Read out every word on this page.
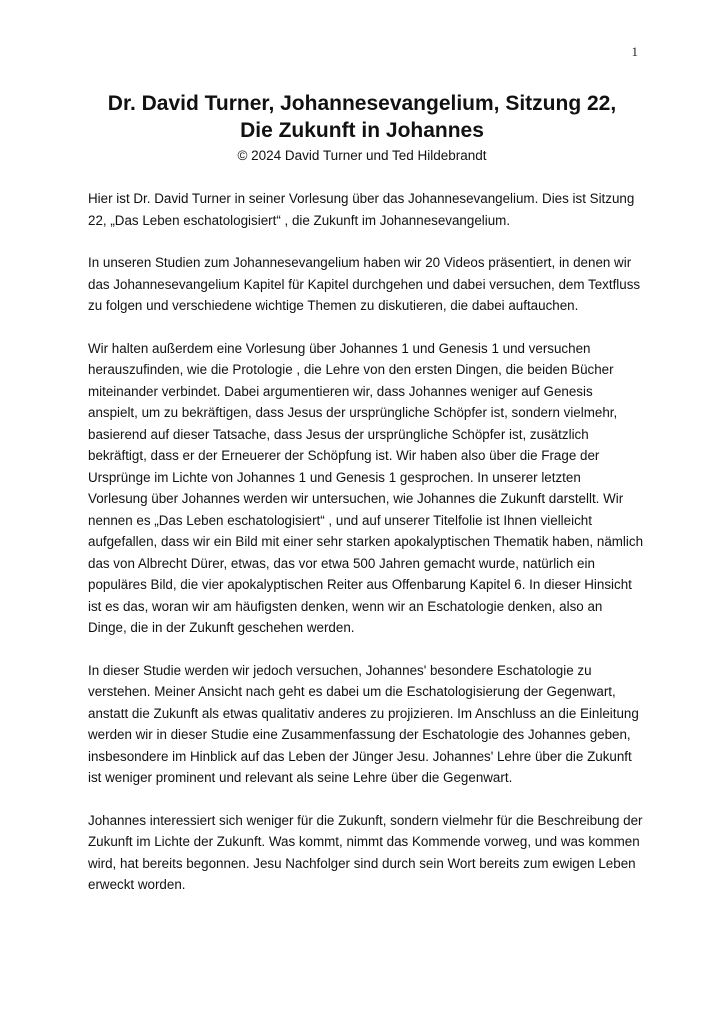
1
Dr. David Turner, Johannesevangelium, Sitzung 22,
Die Zukunft in Johannes

© 2024 David Turner und Ted Hildebrandt

Hier ist Dr. David Turner in seiner Vorlesung über das Johannesevangelium. Dies ist Sitzung 22, „Das Leben eschatologisiert“ , die Zukunft im Johannesevangelium.

In unseren Studien zum Johannesevangelium haben wir 20 Videos präsentiert, in denen wir das Johannesevangelium Kapitel für Kapitel durchgehen und dabei versuchen, dem Textfluss zu folgen und verschiedene wichtige Themen zu diskutieren, die dabei auftauchen.

Wir halten außerdem eine Vorlesung über Johannes 1 und Genesis 1 und versuchen herauszufinden, wie die Protologie , die Lehre von den ersten Dingen, die beiden Bücher miteinander verbindet. Dabei argumentieren wir, dass Johannes weniger auf Genesis anspielt, um zu bekräftigen, dass Jesus der ursprüngliche Schöpfer ist, sondern vielmehr, basierend auf dieser Tatsache, dass Jesus der ursprüngliche Schöpfer ist, zusätzlich bekräftigt, dass er der Erneuerer der Schöpfung ist. Wir haben also über die Frage der Ursprünge im Lichte von Johannes 1 und Genesis 1 gesprochen. In unserer letzten Vorlesung über Johannes werden wir untersuchen, wie Johannes die Zukunft darstellt. Wir nennen es „Das Leben eschatologisiert“ , und auf unserer Titelfolie ist Ihnen vielleicht aufgefallen, dass wir ein Bild mit einer sehr starken apokalyptischen Thematik haben, nämlich das von Albrecht Dürer, etwas, das vor etwa 500 Jahren gemacht wurde, natürlich ein populäres Bild, die vier apokalyptischen Reiter aus Offenbarung Kapitel 6. In dieser Hinsicht ist es das, woran wir am häufigsten denken, wenn wir an Eschatologie denken, also an Dinge, die in der Zukunft geschehen werden.

In dieser Studie werden wir jedoch versuchen, Johannes' besondere Eschatologie zu verstehen. Meiner Ansicht nach geht es dabei um die Eschatologisierung der Gegenwart, anstatt die Zukunft als etwas qualitativ anderes zu projizieren. Im Anschluss an die Einleitung werden wir in dieser Studie eine Zusammenfassung der Eschatologie des Johannes geben, insbesondere im Hinblick auf das Leben der Jünger Jesu. Johannes' Lehre über die Zukunft ist weniger prominent und relevant als seine Lehre über die Gegenwart.

Johannes interessiert sich weniger für die Zukunft, sondern vielmehr für die Beschreibung der Zukunft im Lichte der Zukunft. Was kommt, nimmt das Kommende vorweg, und was kommen wird, hat bereits begonnen. Jesu Nachfolger sind durch sein Wort bereits zum ewigen Leben erweckt worden.
